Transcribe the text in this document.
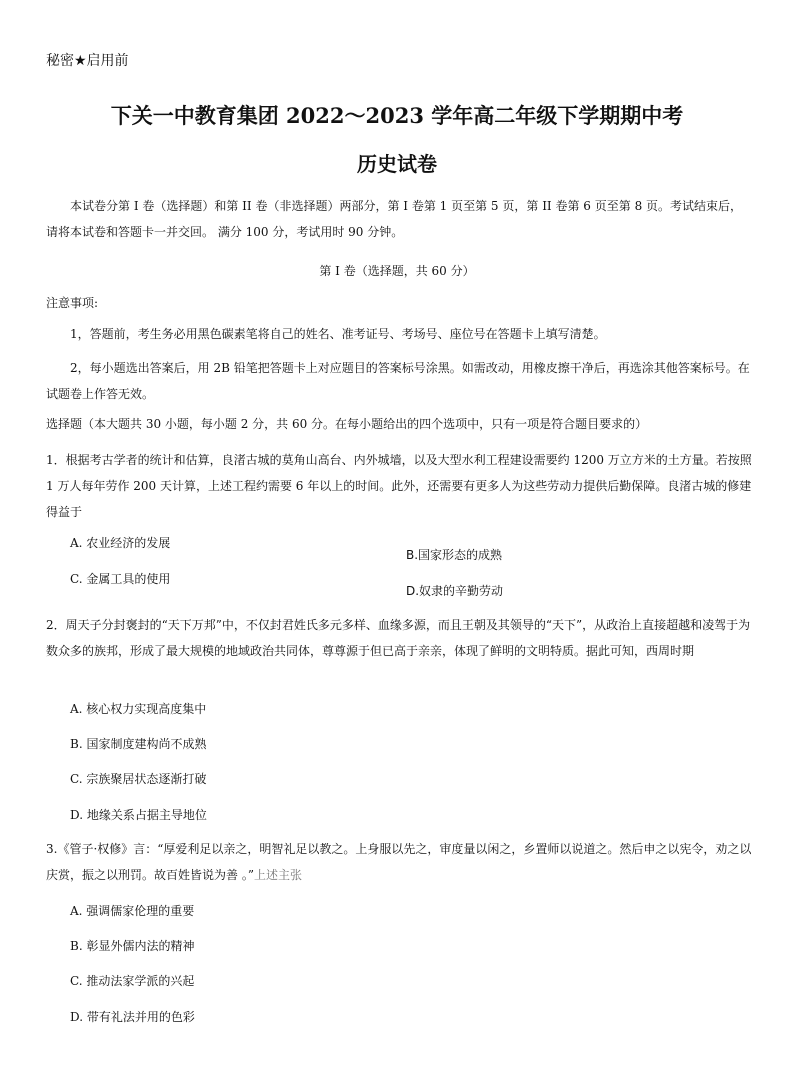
秘密★启用前
下关一中教育集团 2022～2023 学年高二年级下学期期中考
历史试卷
本试卷分第 I 卷（选择题）和第 II 卷（非选择题）两部分，第 I 卷第 1 页至第 5 页，第 II 卷第 6 页至第 8 页。考试结束后，请将本试卷和答题卡一并交回。 满分 100 分，考试用时 90 分钟。
第 I 卷（选择题，共 60 分）
注意事项:
1，答题前，考生务必用黑色碳素笔将自己的姓名、准考证号、考场号、座位号在答题卡上填写清楚。
2，每小题选出答案后，用 2B 铅笔把答题卡上对应题目的答案标号涂黑。如需改动，用橡皮擦干净后，再选涂其他答案标号。在试题卷上作答无效。
选择题（本大题共 30 小题，每小题 2 分，共 60 分。在每小题给出的四个选项中，只有一项是符合题目要求的）
1．根据考古学者的统计和估算，良渚古城的莫角山高台、内外城墙，以及大型水利工程建设需要约 1200 万立方米的土方量。若按照 1 万人每年劳作 200 天计算，上述工程约需要 6 年以上的时间。此外，还需要有更多人为这些劳动力提供后勤保障。良渚古城的修建得益于
A. 农业经济的发展
B.国家形态的成熟
C. 金属工具的使用
D.奴隶的辛勤劳动
2．周天子分封褒封的“天下万邦”中，不仅封君姓氏多元多样、血缘多源，而且王朝及其领导的“天下”，从政治上直接超越和凌驾于为数众多的族邦，形成了最大规模的地域政治共同体，尊尊源于但已高于亲亲，体现了鲜明的文明特质。据此可知，西周时期
A. 核心权力实现高度集中
B. 国家制度建构尚不成熟
C. 宗族聚居状态逐渐打破
D. 地缘关系占据主导地位
3.《管子·权修》言：“厚爱利足以亲之，明智礼足以教之。上身服以先之，审度量以闲之，乡置师以说道之。然后申之以宪令，劝之以庆赏，振之以刑罚。故百姓皆说为善 。”上述主张
A. 强调儒家伦理的重要
B. 彰显外儒内法的精神
C. 推动法家学派的兴起
D. 带有礼法并用的色彩
